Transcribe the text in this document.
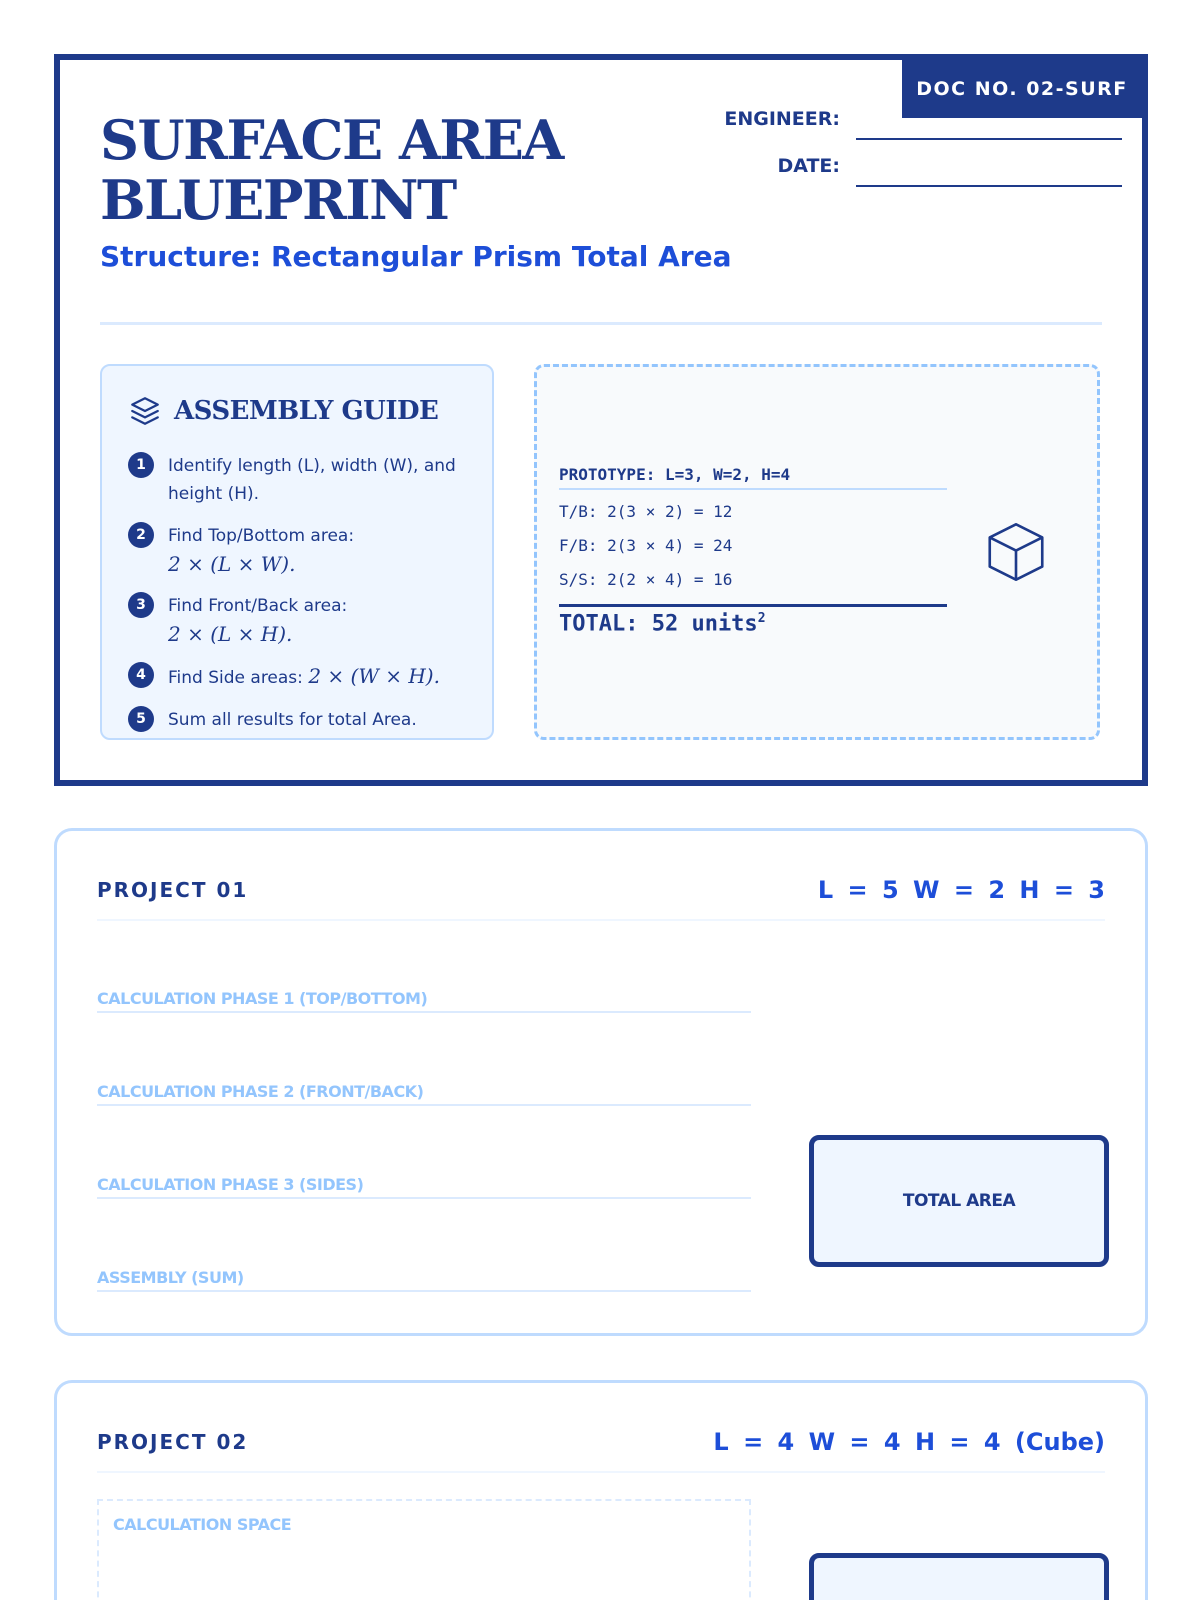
DOC NO. 02-SURF
SURFACE AREA
BLUEPRINT
Structure: Rectangular Prism Total Area
ENGINEER:
DATE:
ASSEMBLY GUIDE
1	Identify length (L), width (W), and height (H).
2	Find Top/Bottom area:
2 × (L × W).
3	Find Front/Back area:
2 × (L × H).
4	Find Side areas: 2 × (W × H).
5	Sum all results for total Area.
PROTOTYPE: L=3, W=2, H=4
T/B: 2(3 × 2) = 12
F/B: 2(3 × 4) = 24
S/S: 2(2 × 4) = 16
TOTAL: 52 units$^2$
PROJECT 01	L = 5 W = 2 H = 3
CALCULATION PHASE 1 (TOP/BOTTOM)
CALCULATION PHASE 2 (FRONT/BACK)
CALCULATION PHASE 3 (SIDES)
ASSEMBLY (SUM)
TOTAL AREA
PROJECT 02	L = 4 W = 4 H = 4 (Cube)
CALCULATION SPACE
